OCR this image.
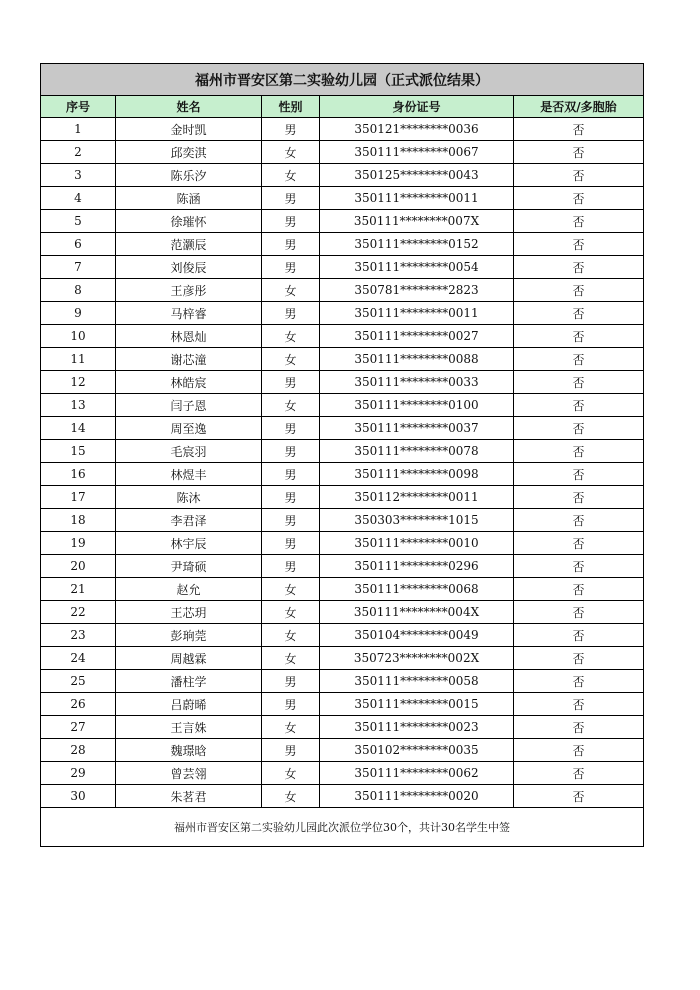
福州市晋安区第二实验幼儿园（正式派位结果）				
序号	姓名	性别	身份证号	是否双/多胞胎
1	金时凯	男	350121********0036	否
2	邱奕淇	女	350111********0067	否
3	陈乐汐	女	350125********0043	否
4	陈涵	男	350111********0011	否
5	徐璀怀	男	350111********007X	否
6	范灏辰	男	350111********0152	否
7	刘俊辰	男	350111********0054	否
8	王彦彤	女	350781********2823	否
9	马梓睿	男	350111********0011	否
10	林恩灿	女	350111********0027	否
11	谢芯潼	女	350111********0088	否
12	林皓宸	男	350111********0033	否
13	闫子恩	女	350111********0100	否
14	周至逸	男	350111********0037	否
15	毛宸羽	男	350111********0078	否
16	林煜丰	男	350111********0098	否
17	陈沐	男	350112********0011	否
18	李君泽	男	350303********1015	否
19	林宇辰	男	350111********0010	否
20	尹琦硕	男	350111********0296	否
21	赵允	女	350111********0068	否
22	王芯玥	女	350111********004X	否
23	彭珦莞	女	350104********0049	否
24	周越霖	女	350723********002X	否
25	潘柱学	男	350111********0058	否
26	吕蔚晞	男	350111********0015	否
27	王言姝	女	350111********0023	否
28	魏璟晗	男	350102********0035	否
29	曾芸翎	女	350111********0062	否
30	朱茗君	女	350111********0020	否
福州市晋安区第二实验幼儿园此次派位学位30个，共计30名学生中签				
